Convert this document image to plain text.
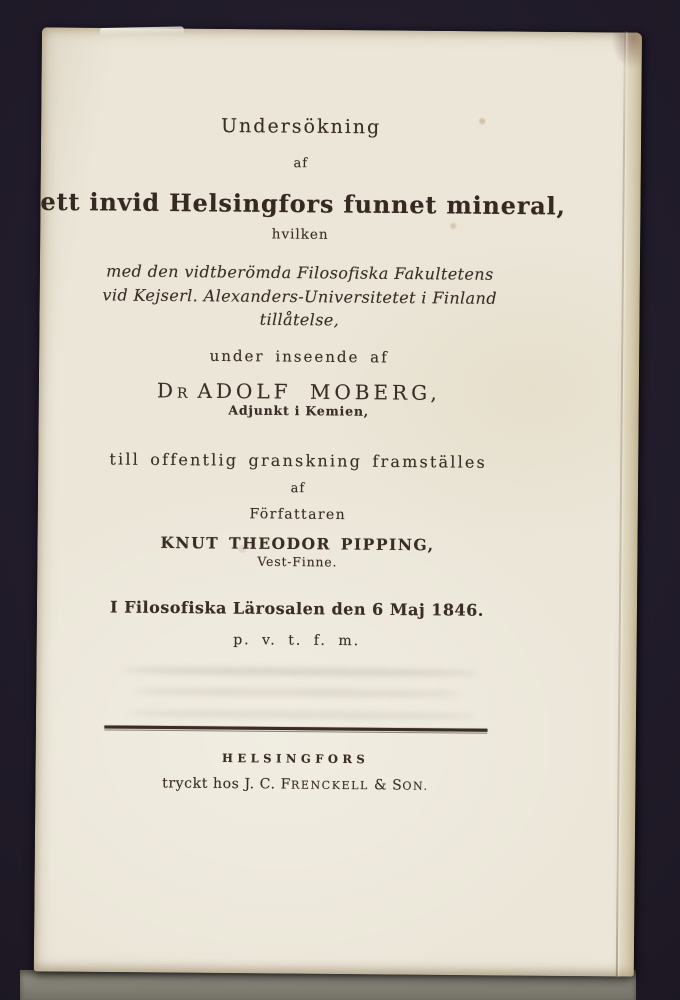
Undersökning
af
ett invid Helsingfors funnet mineral,
hvilken
med den vidtberömda Filosofiska Fakultetens
vid Kejserl. Alexanders-Universitetet i Finland
tillåtelse,
under inseende af
DR ADOLF MOBERG,
Adjunkt i Kemien,
till offentlig granskning framställes
af
Författaren
KNUT THEODOR PIPPING,
Vest-Finne.
I Filosofiska Lärosalen den 6 Maj 1846.
p. v. t. f. m.
HELSINGFORS
tryckt hos J. C. FRENCKELL & SON.
